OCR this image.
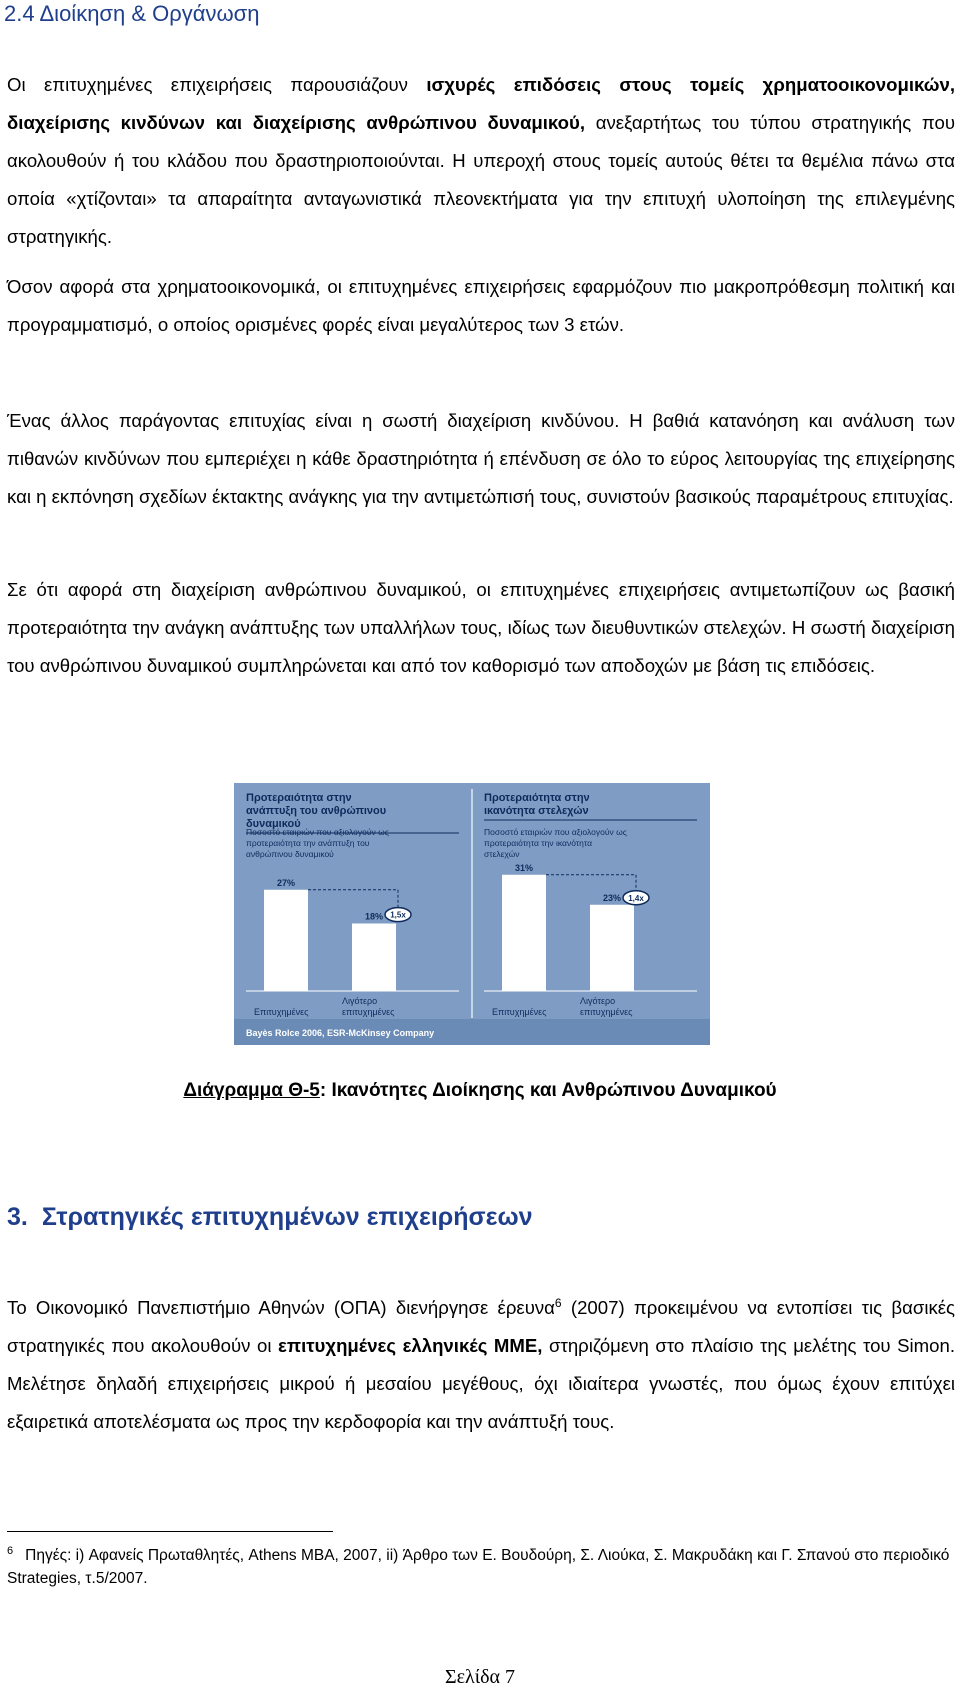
2.4 Διοίκηση & Οργάνωση

Οι επιτυχημένες επιχειρήσεις παρουσιάζουν ισχυρές επιδόσεις στους τομείς χρηματοοικονομικών, διαχείρισης κινδύνων και διαχείρισης ανθρώπινου δυναμικού, ανεξαρτήτως του τύπου στρατηγικής που ακολουθούν ή του κλάδου που δραστηριοποιούνται. Η υπεροχή στους τομείς αυτούς θέτει τα θεμέλια πάνω στα οποία «χτίζονται» τα απαραίτητα ανταγωνιστικά πλεονεκτήματα για την επιτυχή υλοποίηση της επιλεγμένης στρατηγικής.

Όσον αφορά στα χρηματοοικονομικά, οι επιτυχημένες επιχειρήσεις εφαρμόζουν πιο μακροπρόθεσμη πολιτική και προγραμματισμό, ο οποίος ορισμένες φορές είναι μεγαλύτερος των 3 ετών.

Ένας άλλος παράγοντας επιτυχίας είναι η σωστή διαχείριση κινδύνου. Η βαθιά κατανόηση και ανάλυση των πιθανών κινδύνων που εμπεριέχει η κάθε δραστηριότητα ή επένδυση σε όλο το εύρος λειτουργίας της επιχείρησης και η εκπόνηση σχεδίων έκτακτης ανάγκης για την αντιμετώπισή τους, συνιστούν βασικούς παραμέτρους επιτυχίας.

Σε ότι αφορά στη διαχείριση ανθρώπινου δυναμικού, οι επιτυχημένες επιχειρήσεις αντιμετωπίζουν ως βασική προτεραιότητα την ανάγκη ανάπτυξης των υπαλλήλων τους, ιδίως των διευθυντικών στελεχών. Η σωστή διαχείριση του ανθρώπινου δυναμικού συμπληρώνεται και από τον καθορισμό των αποδοχών με βάση τις επιδόσεις.

Bayès Rolce 2006, ESR-McKinsey Company
Προτεραιότητα στην
ανάπτυξη του ανθρώπινου
δυναμικού
Ποσοστό εταιριών που αξιολογούν ως
προτεραιότητα την ανάπτυξη του
ανθρώπινου δυναμικού
27%
Επιτυχημένες
18%
Λιγότερο
επιτυχημένες
1,5x
Προτεραιότητα στην
ικανότητα στελεχών
Ποσοστό εταιριών που αξιολογούν ως
προτεραιότητα την ικανότητα
στελεχών
31%
Επιτυχημένες
23%
Λιγότερο
επιτυχημένες
1,4x

Διάγραμμα Θ-5: Ικανότητες Διοίκησης και Ανθρώπινου Δυναμικού

3. Στρατηγικές επιτυχημένων επιχειρήσεων

Το Οικονομικό Πανεπιστήμιο Αθηνών (ΟΠΑ) διενήργησε έρευνα$^6$ (2007) προκειμένου να εντοπίσει τις βασικές στρατηγικές που ακολουθούν οι επιτυχημένες ελληνικές ΜΜΕ, στηριζόμενη στο πλαίσιο της μελέτης του Simon. Μελέτησε δηλαδή επιχειρήσεις μικρού ή μεσαίου μεγέθους, όχι ιδιαίτερα γνωστές, που όμως έχουν επιτύχει εξαιρετικά αποτελέσματα ως προς την κερδοφορία και την ανάπτυξή τους.

$^6$ Πηγές: i) Αφανείς Πρωταθλητές, Athens MBA, 2007, ii) Άρθρο των Ε. Βουδούρη, Σ. Λιούκα, Σ. Μακρυδάκη και Γ. Σπανού στο περιοδικό Strategies, τ.5/2007.

Σελίδα 7
